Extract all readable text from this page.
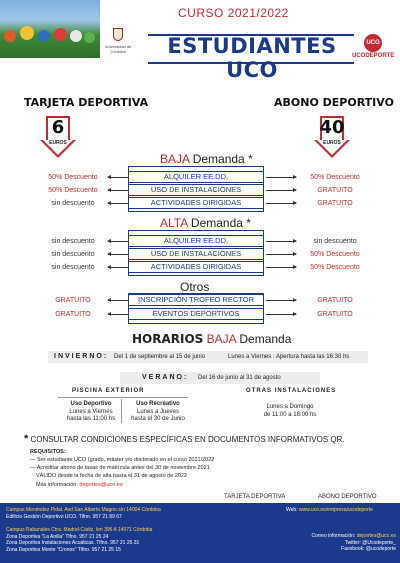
Universidad de Córdoba
CURSO 2021/2022
ESTUDIANTES UCO
UCO
UCODEPORTE
TARJETA DEPORTIVA	ABONO DEPORTIVO
6
EUROS
40
EUROS
BAJA Demanda *
50% Descuento	ALQUILER EE.DD.	50% Descuento
50% Descuento	USO DE INSTALACIONES	GRATUITO
sin descuento	ACTIVIDADES DIRIGIDAS	GRATUITO
ALTA Demanda *
sin descuento	ALQUILER EE.DD.	sin descuento
sin descuento	USO DE INSTALACIONES	50% Descuento
sin descuento	ACTIVIDADES DIRIGIDAS	50% Descuento
Otros
GRATUITO	INSCRIPCIÓN TROFEO RECTOR	GRATUITO
GRATUITO	EVENTOS DEPORTIVOS	GRATUITO
HORARIOS BAJA Demanda
INVIERNO: Del 1 de septiembre al 15 de junio	Lunes a Viernes : Apertura hasta las 16:30 hs
VERANO: Del 16 de junio al 31 de agosto
PISCINA EXTERIOR
Uso Deportivo
Lunes a Viernes
hasta las 11:00 hs
Uso Recreativo
Lunes a Jueves
hasta el 30 de Junio
OTRAS INSTALACIONES
Lunes a Domingo
de 11:00 a 18:00 hs
* CONSULTAR CONDICIONES ESPECÍFICAS EN DOCUMENTOS INFORMATIVOS QR.
REQUISITOS:
— Ser estudiante UCO (grado, máster y/o doctorado en el curso 2021/2022
— Acreditar abono de tasas de matrícula antes del 30 de noviembre 2021
VÁLIDO desde la fecha de alta hasta el 31 de agosto de 2022
Más información: deportes@uco.es
TARJETA DEPORTIVA	ABONO DEPORTIVO
Campus Menéndez Pidal. Avd San Alberto Magno s/n 14004 Córdoba
Edificio Gestión Deportivo UCO. Tlfno. 957 21 89 67
Campus Rabanales Ctra. Madrid-Cádiz, km 396 A 14071 Córdoba
Zona Deportiva "La Anilla" Tlfno. 957 21 25 24
Zona Deportiva Instalaciones Acuáticas. Tlfno. 957 21 25 31
Zona Deportiva Monte "Cronos" Tlfno. 957 21 25 15
Web: www.uco.es/empresa/ucodeporte
Correo información: deportes@uco.es
Twitter: @Ucodeporte_
Facebook: @ucodeporte
